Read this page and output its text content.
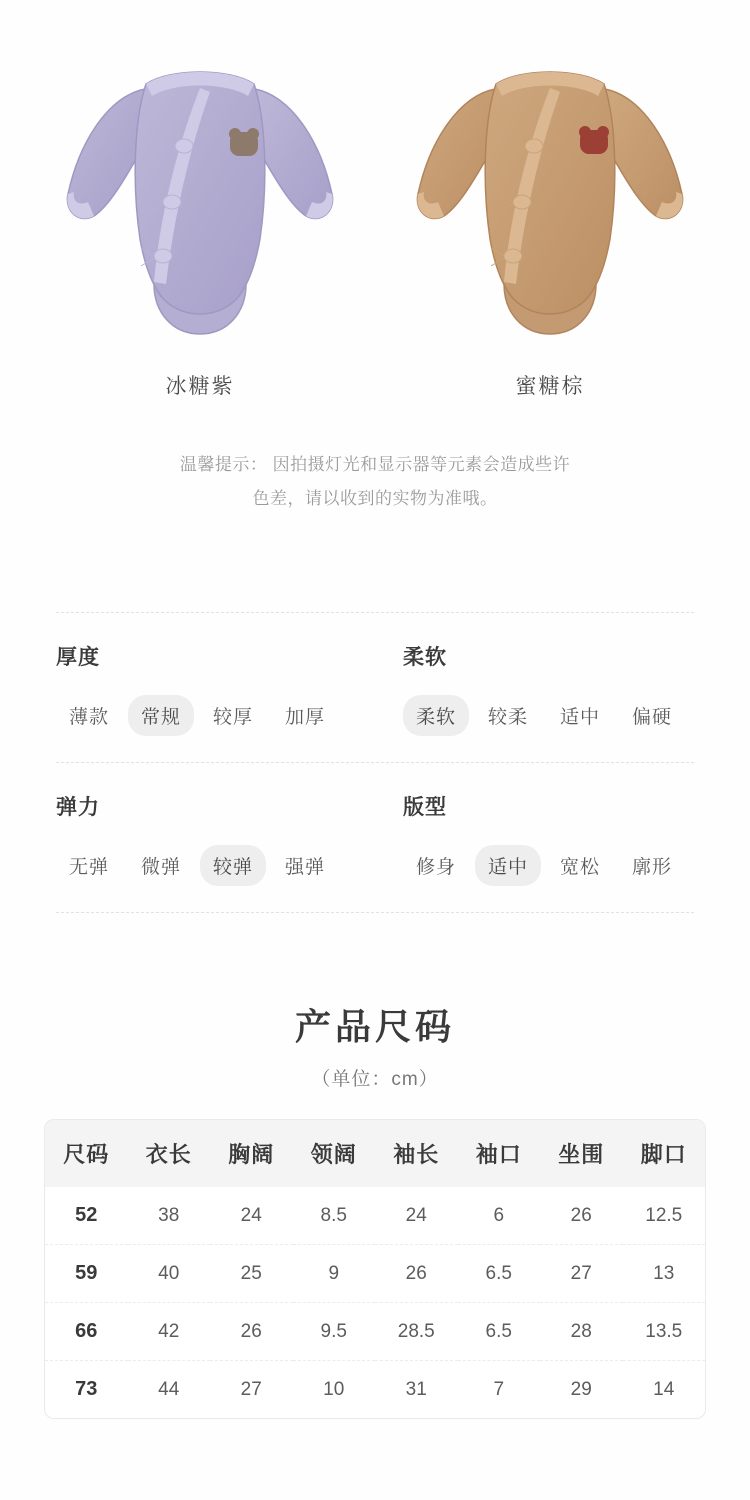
冰糖紫	蜜糖棕
温馨提示： 因拍摄灯光和显示器等元素会造成些许
色差，请以收到的实物为准哦。
厚度
薄款	常规	较厚	加厚
柔软
柔软	较柔	适中	偏硬
弹力
无弹	微弹	较弹	强弹
版型
修身	适中	宽松	廓形
产品尺码
（单位：cm）
尺码	衣长	胸阔	领阔	袖长	袖口	坐围	脚口
52	38	24	8.5	24	6	26	12.5
59	40	25	9	26	6.5	27	13
66	42	26	9.5	28.5	6.5	28	13.5
73	44	27	10	31	7	29	14
